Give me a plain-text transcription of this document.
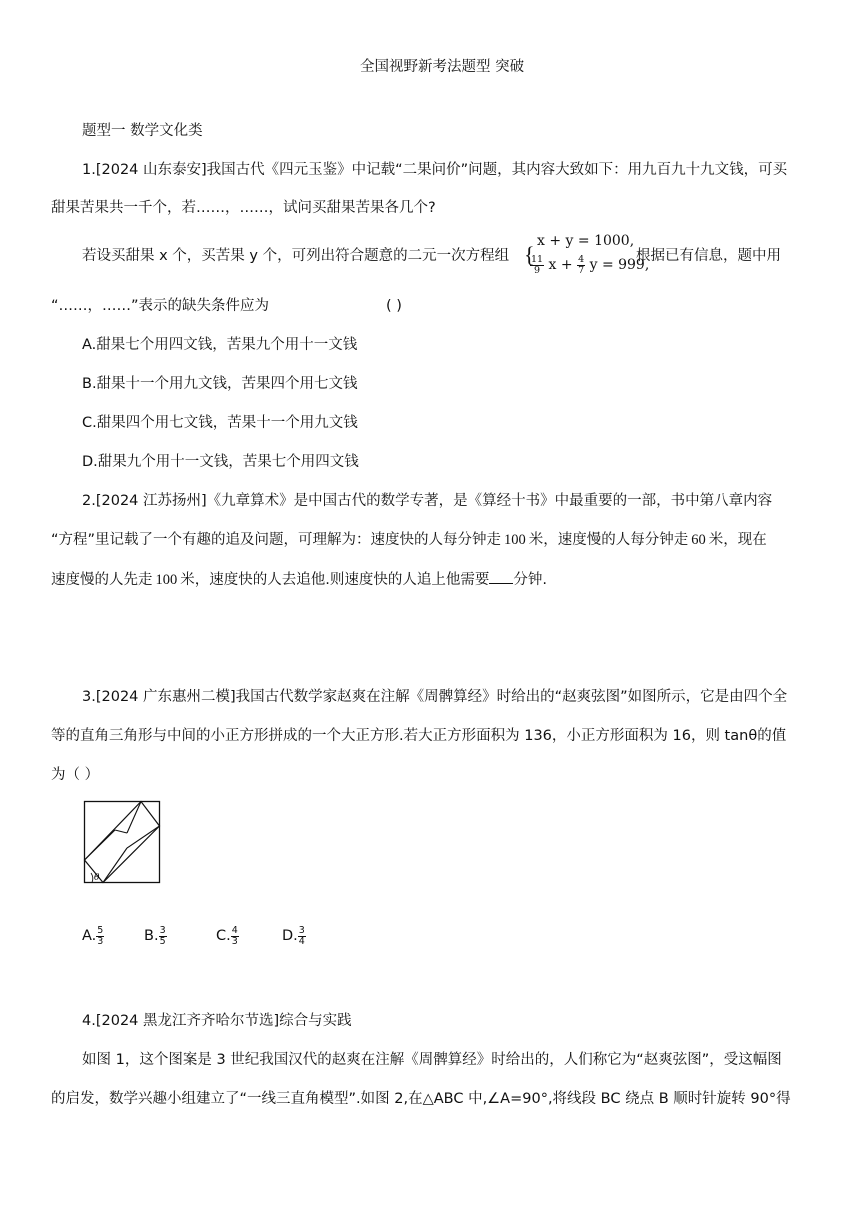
全国视野新考法题型 突破
题型一 数学文化类
1.[2024 山东泰安]我国古代《四元玉鉴》中记载“二果问价”问题，其内容大致如下：用九百九十九文钱，可买
甜果苦果共一千个，若……，……，试问买甜果苦果各几个?
若设买甜果 x 个，买苦果 y 个，可列出符合题意的二元一次方程组 {
x + y = 1000,
$\frac{11}{9}$ $x + \frac{4}{7}$ y = 999,
根据已有信息，题中用
“……，……”表示的缺失条件应为	( )
A.甜果七个用四文钱，苦果九个用十一文钱
B.甜果十一个用九文钱，苦果四个用七文钱
C.甜果四个用七文钱，苦果十一个用九文钱
D.甜果九个用十一文钱，苦果七个用四文钱
2.[2024 江苏扬州]《九章算术》是中国古代的数学专著，是《算经十书》中最重要的一部，书中第八章内容
“方程”里记载了一个有趣的追及问题，可理解为：速度快的人每分钟走 100 米，速度慢的人每分钟走 60 米，现在
速度慢的人先走 100 米，速度快的人去追他.则速度快的人追上他需要 分钟.
3.[2024 广东惠州二模]我国古代数学家赵爽在注解《周髀算经》时给出的“赵爽弦图”如图所示，它是由四个全
等的直角三角形与中间的小正方形拼成的一个大正方形.若大正方形面积为 136，小正方形面积为 16，则 tanθ的值
为（ ）
θ
A. $\frac{5}{3}$	B. $\frac{3}{5}$	C. $\frac{4}{3}$	D. $\frac{3}{4}$
4.[2024 黑龙江齐齐哈尔节选]综合与实践
如图 1，这个图案是 3 世纪我国汉代的赵爽在注解《周髀算经》时给出的，人们称它为“赵爽弦图”，受这幅图
的启发，数学兴趣小组建立了“一线三直角模型”.如图 2,在△ABC 中,∠A=90°,将线段 BC 绕点 B 顺时针旋转 90°得
